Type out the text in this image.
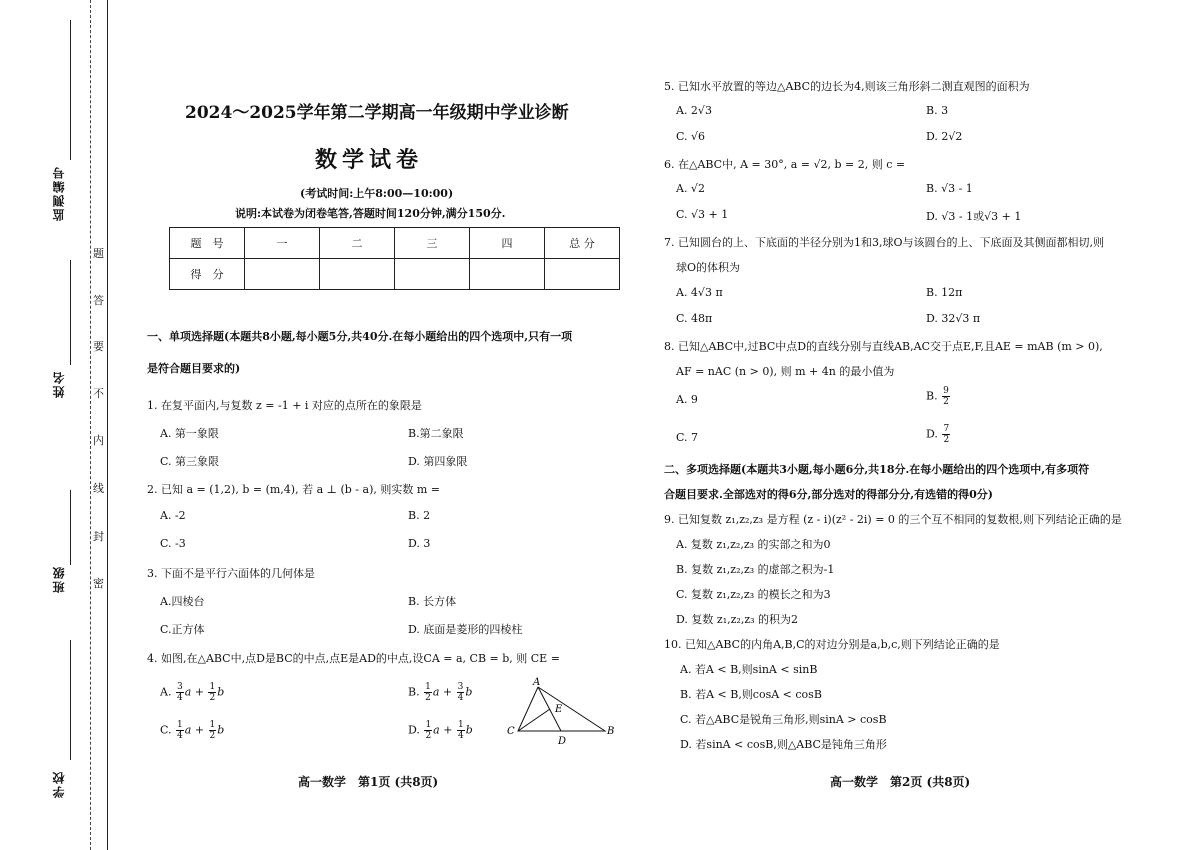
监测编号
姓名
班级
学校
题
答
要
不
内
线
封
密
2024～2025学年第二学期高一年级期中学业诊断
数学试卷
(考试时间:上午8:00—10:00)
说明:本试卷为闭卷笔答,答题时间120分钟,满分150分.
题　号	一	二	三	四	总 分
得　分					
一、单项选择题(本题共8小题,每小题5分,共40分.在每小题给出的四个选项中,只有一项
是符合题目要求的)
1. 在复平面内,与复数 z = -1 + i 对应的点所在的象限是
A. 第一象限	B.第二象限
C. 第三象限	D. 第四象限
2. 已知 a = (1,2), b = (m,4), 若 a ⊥ (b - a), 则实数 m =
A. -2	B. 2
C. -3	D. 3
3. 下面不是平行六面体的几何体是
A.四棱台	B. 长方体
C.正方体	D. 底面是菱形的四棱柱
4. 如图,在△ABC中,点D是BC的中点,点E是AD的中点,设CA = a, CB = b, 则 CE =
A. $\frac{3}{4}$ $a + \frac{1}{2}$ b	B. $\frac{1}{2}$ $a + \frac{3}{4}$ b
C. $\frac{1}{4}$ $a + \frac{1}{2}$ b	D. $\frac{1}{2}$ $a + \frac{1}{4}$ b
A
E
C
D
B
高一数学　第1页 (共8页)
5. 已知水平放置的等边△ABC的边长为4,则该三角形斜二测直观图的面积为
A. 2√3	B. 3
C. √6	D. 2√2
6. 在△ABC中, A = 30°, a = √2, b = 2, 则 c =
A. √2	B. √3 - 1
C. √3 + 1	D. √3 - 1或√3 + 1
7. 已知圆台的上、下底面的半径分别为1和3,球O与该圆台的上、下底面及其侧面都相切,则
球O的体积为
A. 4√3 π	B. 12π
C. 48π	D. 32√3 π
8. 已知△ABC中,过BC中点D的直线分别与直线AB,AC交于点E,F,且AE = mAB (m > 0),
AF = nAC (n > 0), 则 m + 4n 的最小值为
A. 9	B. $\frac{9}{2}$
C. 7	D. $\frac{7}{2}$
二、多项选择题(本题共3小题,每小题6分,共18分.在每小题给出的四个选项中,有多项符
合题目要求.全部选对的得6分,部分选对的得部分分,有选错的得0分)
9. 已知复数 z₁,z₂,z₃ 是方程 (z - i)(z² - 2i) = 0 的三个互不相同的复数根,则下列结论正确的是
A. 复数 z₁,z₂,z₃ 的实部之和为0
B. 复数 z₁,z₂,z₃ 的虚部之积为-1
C. 复数 z₁,z₂,z₃ 的模长之和为3
D. 复数 z₁,z₂,z₃ 的积为2
10. 已知△ABC的内角A,B,C的对边分别是a,b,c,则下列结论正确的是
A. 若A < B,则sinA < sinB
B. 若A < B,则cosA < cosB
C. 若△ABC是锐角三角形,则sinA > cosB
D. 若sinA < cosB,则△ABC是钝角三角形
高一数学　第2页 (共8页)
